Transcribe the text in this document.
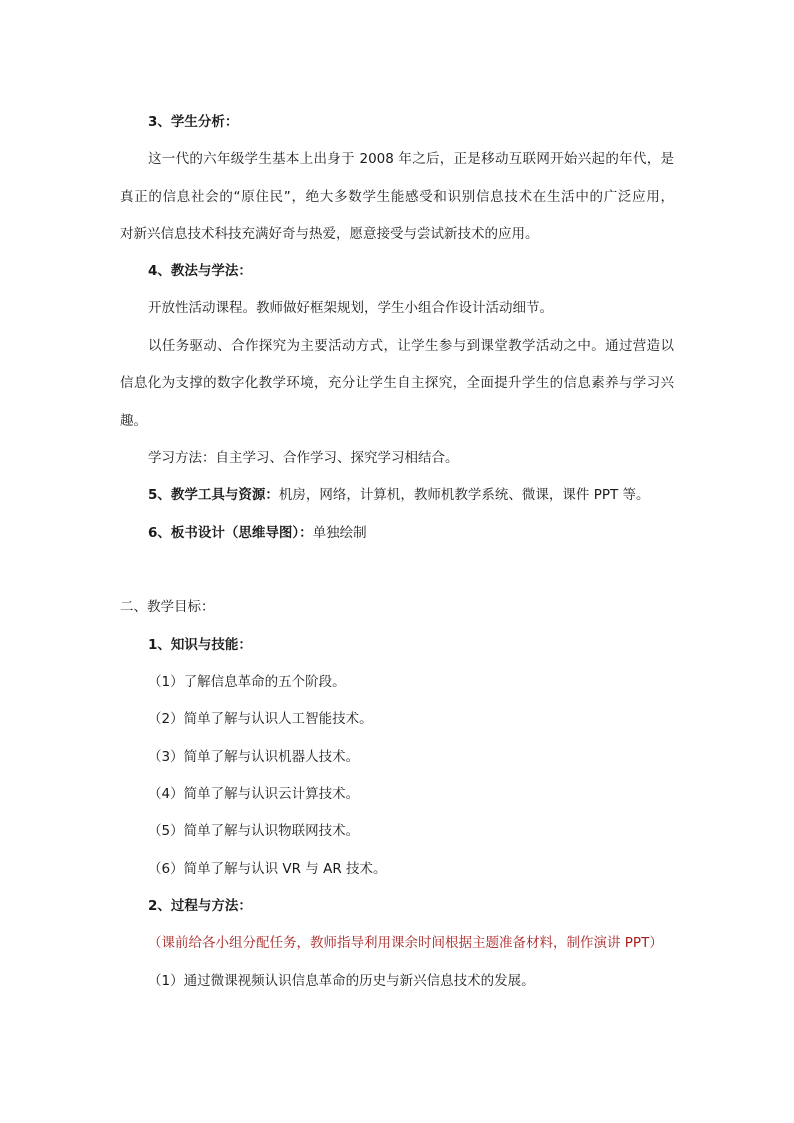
3、学生分析：
这一代的六年级学生基本上出身于 2008 年之后，正是移动互联网开始兴起的年代，是
真正的信息社会的“原住民”，绝大多数学生能感受和识别信息技术在生活中的广泛应用，
对新兴信息技术科技充满好奇与热爱，愿意接受与尝试新技术的应用。
4、教法与学法：
开放性活动课程。教师做好框架规划，学生小组合作设计活动细节。
以任务驱动、合作探究为主要活动方式，让学生参与到课堂教学活动之中。通过营造以
信息化为支撑的数字化教学环境，充分让学生自主探究，全面提升学生的信息素养与学习兴
趣。
学习方法：自主学习、合作学习、探究学习相结合。
5、教学工具与资源：机房，网络，计算机，教师机教学系统、微课，课件 PPT 等。
6、板书设计（思维导图）：单独绘制
二、教学目标：
1、知识与技能：
（1）了解信息革命的五个阶段。
（2）简单了解与认识人工智能技术。
（3）简单了解与认识机器人技术。
（4）简单了解与认识云计算技术。
（5）简单了解与认识物联网技术。
（6）简单了解与认识 VR 与 AR 技术。
2、过程与方法：
（课前给各小组分配任务，教师指导利用课余时间根据主题准备材料，制作演讲 PPT）
（1）通过微课视频认识信息革命的历史与新兴信息技术的发展。
